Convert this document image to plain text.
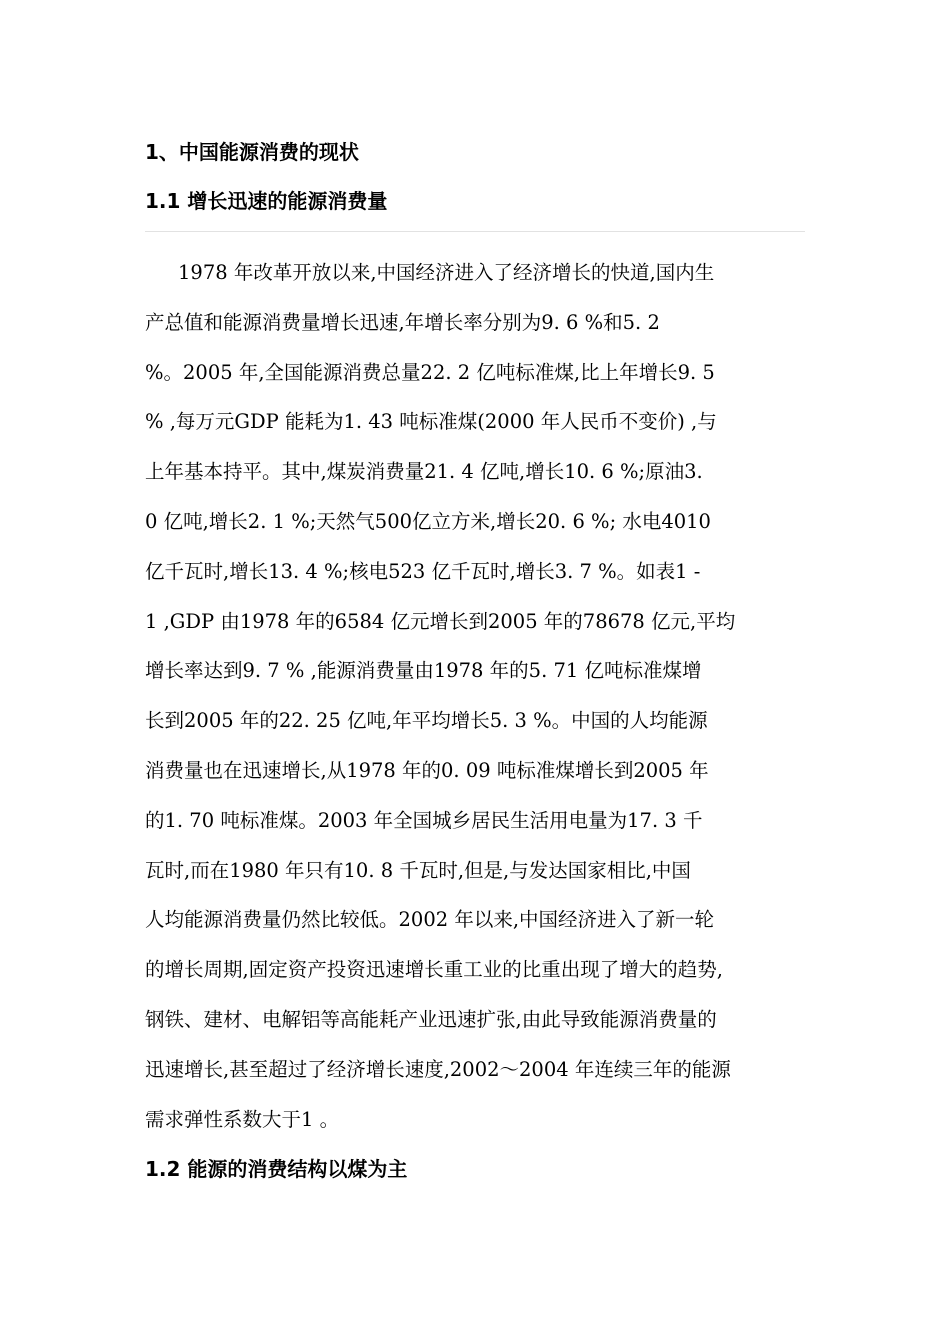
1、中国能源消费的现状
1.1 增长迅速的能源消费量
1978 年改革开放以来,中国经济进入了经济增长的快道,国内生
产总值和能源消费量增长迅速,年增长率分别为9. 6 %和5. 2
%。2005 年,全国能源消费总量22. 2 亿吨标准煤,比上年增长9. 5
% ,每万元GDP 能耗为1. 43 吨标准煤(2000 年人民币不变价) ,与
上年基本持平。其中,煤炭消费量21. 4 亿吨,增长10. 6 %;原油3.
0 亿吨,增长2. 1 %;天然气500亿立方米,增长20. 6 %; 水电4010
亿千瓦时,增长13. 4 %;核电523 亿千瓦时,增长3. 7 %。如表1 -
1 ,GDP 由1978 年的6584 亿元增长到2005 年的78678 亿元,平均
增长率达到9. 7 % ,能源消费量由1978 年的5. 71 亿吨标准煤增
长到2005 年的22. 25 亿吨,年平均增长5. 3 %。中国的人均能源
消费量也在迅速增长,从1978 年的0. 09 吨标准煤增长到2005 年
的1. 70 吨标准煤。2003 年全国城乡居民生活用电量为17. 3 千
瓦时,而在1980 年只有10. 8 千瓦时,但是,与发达国家相比,中国
人均能源消费量仍然比较低。2002 年以来,中国经济进入了新一轮
的增长周期,固定资产投资迅速增长重工业的比重出现了增大的趋势,
钢铁、建材、电解铝等高能耗产业迅速扩张,由此导致能源消费量的
迅速增长,甚至超过了经济增长速度,2002～2004 年连续三年的能源
需求弹性系数大于1 。
1.2 能源的消费结构以煤为主
